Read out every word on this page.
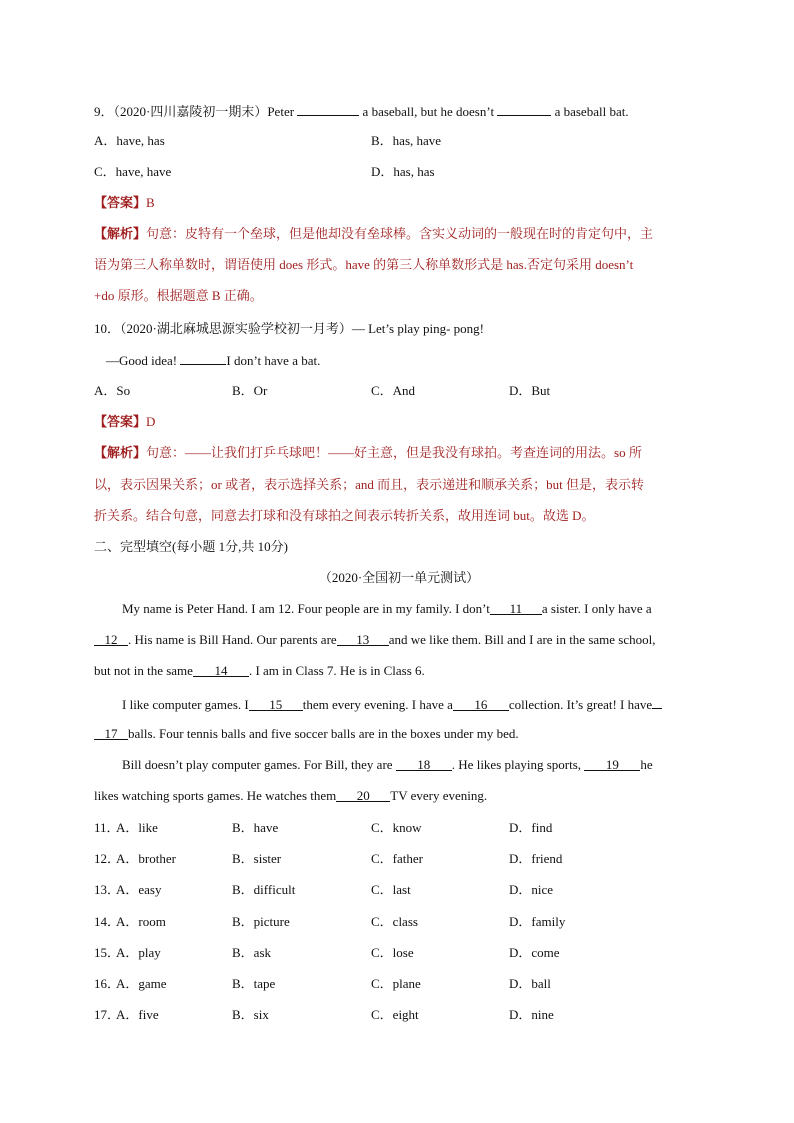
9．（2020·四川嘉陵初一期末）Peter	a baseball, but he doesn’t	a baseball bat.
A．have, has	B．has, have
C．have, have	D．has, has
【答案】B
【解析】句意：皮特有一个垒球，但是他却没有垒球棒。含实义动词的一般现在时的肯定句中，主
语为第三人称单数时，谓语使用 does 形式。have 的第三人称单数形式是 has.否定句采用 doesn’t
+do 原形。根据题意 B 正确。
10．（2020·湖北麻城思源实验学校初一月考）— Let’s play ping- pong!
—Good idea!	I don’t have a bat.
A．So	B．Or	C．And	D．But
【答案】D
【解析】句意：——让我们打乒乓球吧！——好主意，但是我没有球拍。考查连词的用法。so 所
以，表示因果关系；or 或者，表示选择关系；and 而且，表示递进和顺承关系；but 但是，表示转
折关系。结合句意，同意去打球和没有球拍之间表示转折关系，故用连词 but。故选 D。
二、完型填空(每小题 1分,共 10分)
（2020·全国初一单元测试）
My name is Peter Hand. I am 12. Four people are in my family. I don’t 11 a sister. I only have a
12 . His name is Bill Hand. Our parents are 13 and we like them. Bill and I are in the same school,
but not in the same 14 . I am in Class 7. He is in Class 6.
I like computer games. I 15 them every evening. I have a 16 collection. It’s great! I have
17 balls. Four tennis balls and five soccer balls are in the boxes under my bed.
Bill doesn’t play computer games. For Bill, they are 18 . He likes playing sports, 19 he
likes watching sports games. He watches them 20 TV every evening.
11．
A．like	B．have	C．know	D．find
12．
A．brother	B．sister	C．father	D．friend
13．
A．easy	B．difficult	C．last	D．nice
14．
A．room	B．picture	C．class	D．family
15．
A．play	B．ask	C．lose	D．come
16．
A．game	B．tape	C．plane	D．ball
17．
A．five	B．six	C．eight	D．nine
